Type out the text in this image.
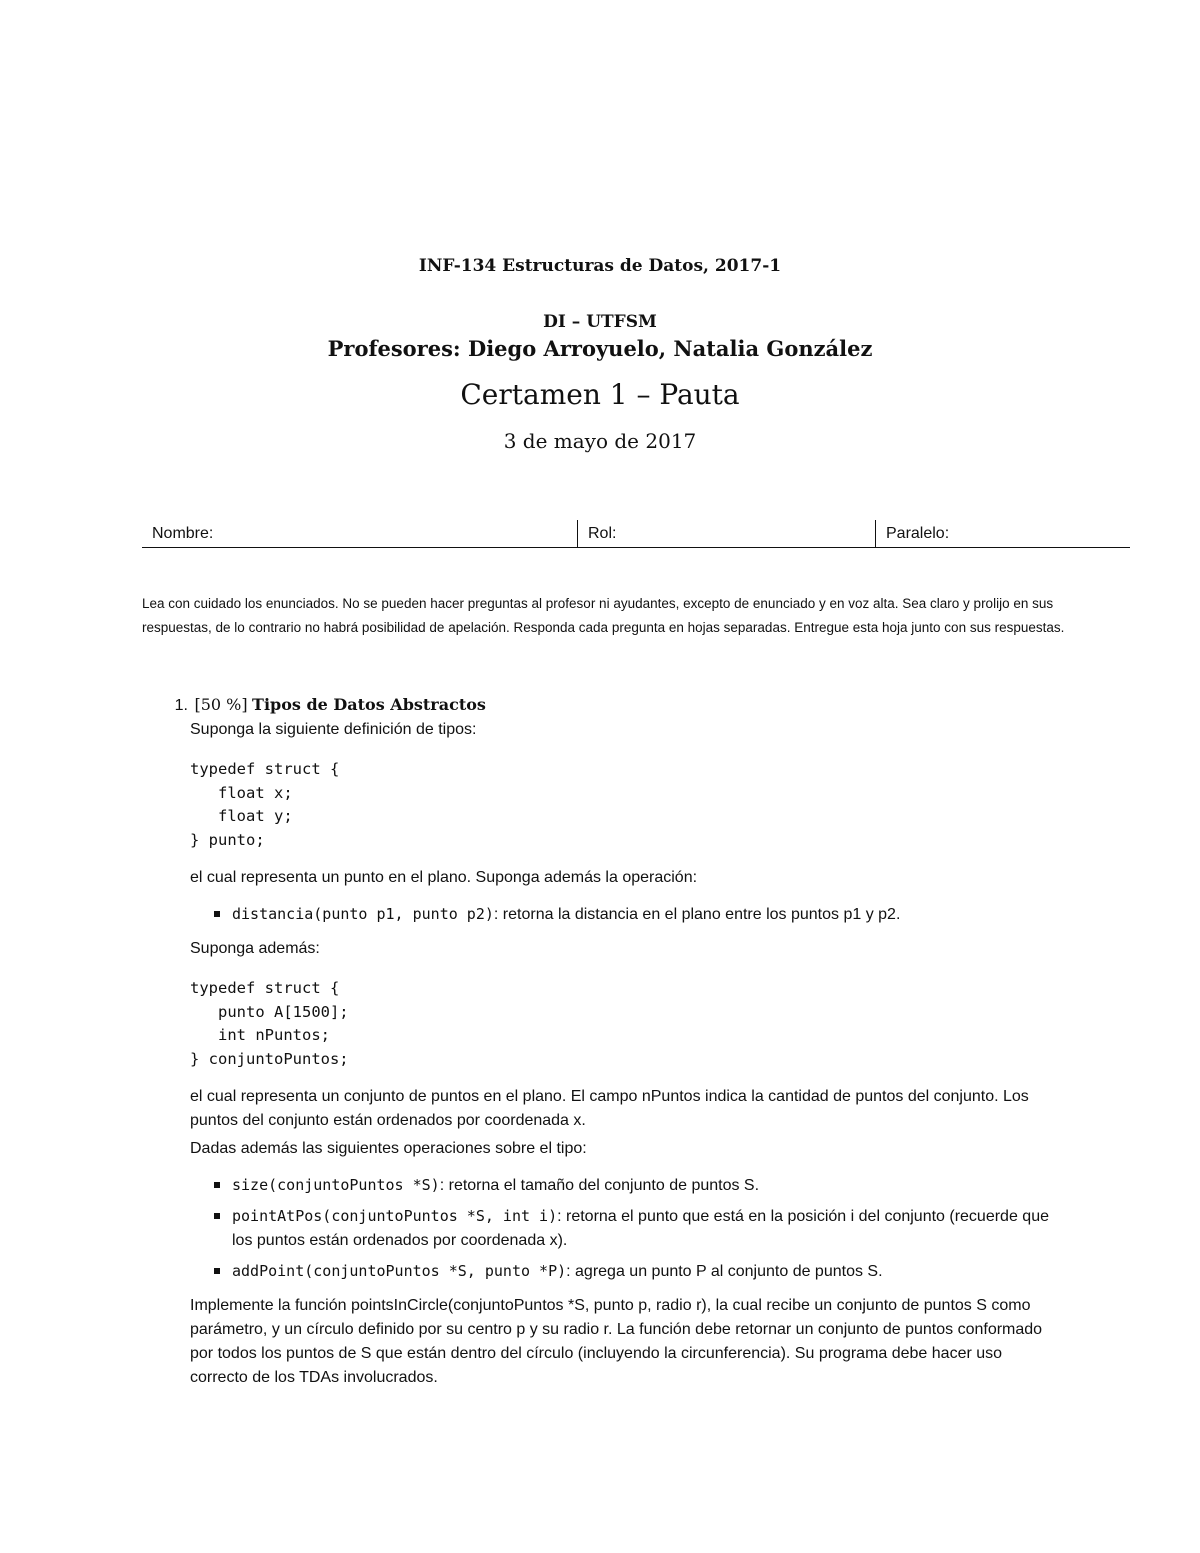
INF-134 Estructuras de Datos, 2017-1

DI – UTFSM

Profesores: Diego Arroyuelo, Natalia González

Certamen 1 – Pauta

3 de mayo de 2017

Nombre:	Rol:	Paralelo:

Lea con cuidado los enunciados. No se pueden hacer preguntas al profesor ni ayudantes, excepto de enunciado y en voz alta. Sea claro y prolijo en sus respuestas, de lo contrario no habrá posibilidad de apelación. Responda cada pregunta en hojas separadas. Entregue esta hoja junto con sus respuestas.

1. [50 %] Tipos de Datos Abstractos

Suponga la siguiente definición de tipos:

typedef struct {
float x;
float y;
} punto;

el cual representa un punto en el plano. Suponga además la operación:

distancia(punto p1, punto p2): retorna la distancia en el plano entre los puntos p1 y p2.

Suponga además:

typedef struct {
punto A[1500];
int nPuntos;
} conjuntoPuntos;

el cual representa un conjunto de puntos en el plano. El campo nPuntos indica la cantidad de puntos del conjunto. Los puntos del conjunto están ordenados por coordenada x.

Dadas además las siguientes operaciones sobre el tipo:

size(conjuntoPuntos *S): retorna el tamaño del conjunto de puntos S.
pointAtPos(conjuntoPuntos *S, int i): retorna el punto que está en la posición i del conjunto (recuerde que los puntos están ordenados por coordenada x).
addPoint(conjuntoPuntos *S, punto *P): agrega un punto P al conjunto de puntos S.

Implemente la función pointsInCircle(conjuntoPuntos *S, punto p, radio r), la cual recibe un conjunto de puntos S como parámetro, y un círculo definido por su centro p y su radio r. La función debe retornar un conjunto de puntos conformado por todos los puntos de S que están dentro del círculo (incluyendo la circunferencia). Su programa debe hacer uso correcto de los TDAs involucrados.
